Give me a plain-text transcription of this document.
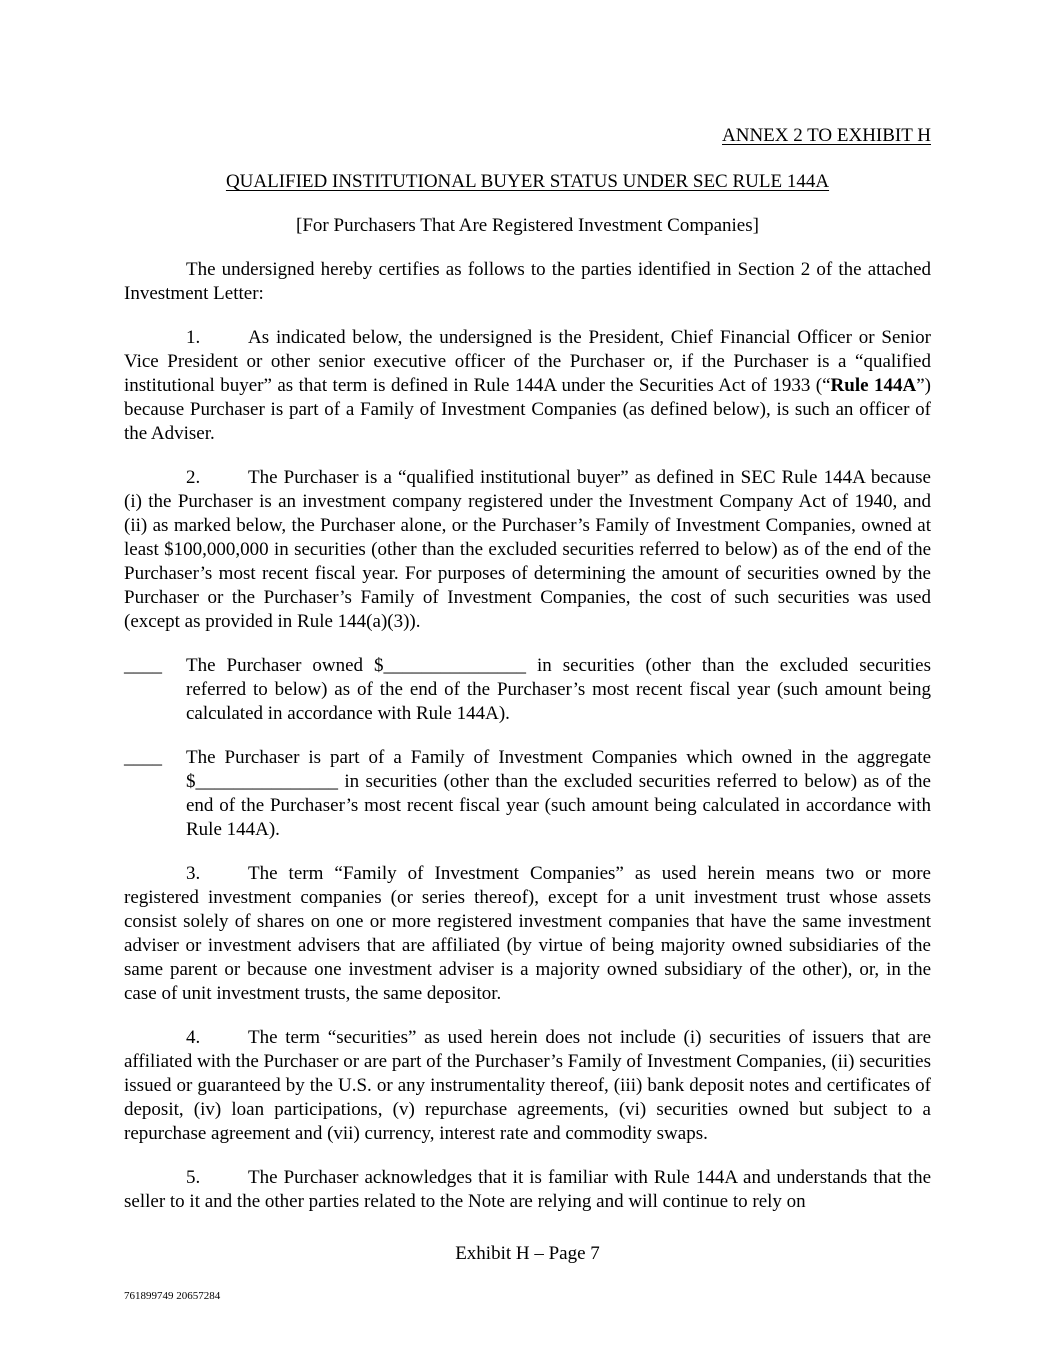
ANNEX 2 TO EXHIBIT H
QUALIFIED INSTITUTIONAL BUYER STATUS UNDER SEC RULE 144A
[For Purchasers That Are Registered Investment Companies]

The undersigned hereby certifies as follows to the parties identified in Section 2 of the attached Investment Letter:

1.	As indicated below, the undersigned is the President, Chief Financial Officer or Senior Vice President or other senior executive officer of the Purchaser or, if the Purchaser is a “qualified institutional buyer” as that term is defined in Rule 144A under the Securities Act of 1933 (“Rule 144A”) because Purchaser is part of a Family of Investment Companies (as defined below), is such an officer of the Adviser.

2.	The Purchaser is a “qualified institutional buyer” as defined in SEC Rule 144A because (i) the Purchaser is an investment company registered under the Investment Company Act of 1940, and (ii) as marked below, the Purchaser alone, or the Purchaser’s Family of Investment Companies, owned at least $100,000,000 in securities (other than the excluded securities referred to below) as of the end of the Purchaser’s most recent fiscal year. For purposes of determining the amount of securities owned by the Purchaser or the Purchaser’s Family of Investment Companies, the cost of such securities was used (except as provided in Rule 144(a)(3)).

____ The Purchaser owned $_______________ in securities (other than the excluded securities referred to below) as of the end of the Purchaser’s most recent fiscal year (such amount being calculated in accordance with Rule 144A).
____ The Purchaser is part of a Family of Investment Companies which owned in the aggregate $_______________ in securities (other than the excluded securities referred to below) as of the end of the Purchaser’s most recent fiscal year (such amount being calculated in accordance with Rule 144A).

3.	The term “Family of Investment Companies” as used herein means two or more registered investment companies (or series thereof), except for a unit investment trust whose assets consist solely of shares on one or more registered investment companies that have the same investment adviser or investment advisers that are affiliated (by virtue of being majority owned subsidiaries of the same parent or because one investment adviser is a majority owned subsidiary of the other), or, in the case of unit investment trusts, the same depositor.

4.	The term “securities” as used herein does not include (i) securities of issuers that are affiliated with the Purchaser or are part of the Purchaser’s Family of Investment Companies, (ii) securities issued or guaranteed by the U.S. or any instrumentality thereof, (iii) bank deposit notes and certificates of deposit, (iv) loan participations, (v) repurchase agreements, (vi) securities owned but subject to a repurchase agreement and (vii) currency, interest rate and commodity swaps.

5.	The Purchaser acknowledges that it is familiar with Rule 144A and understands that the seller to it and the other parties related to the Note are relying and will continue to rely on

Exhibit H – Page 7
761899749 20657284
